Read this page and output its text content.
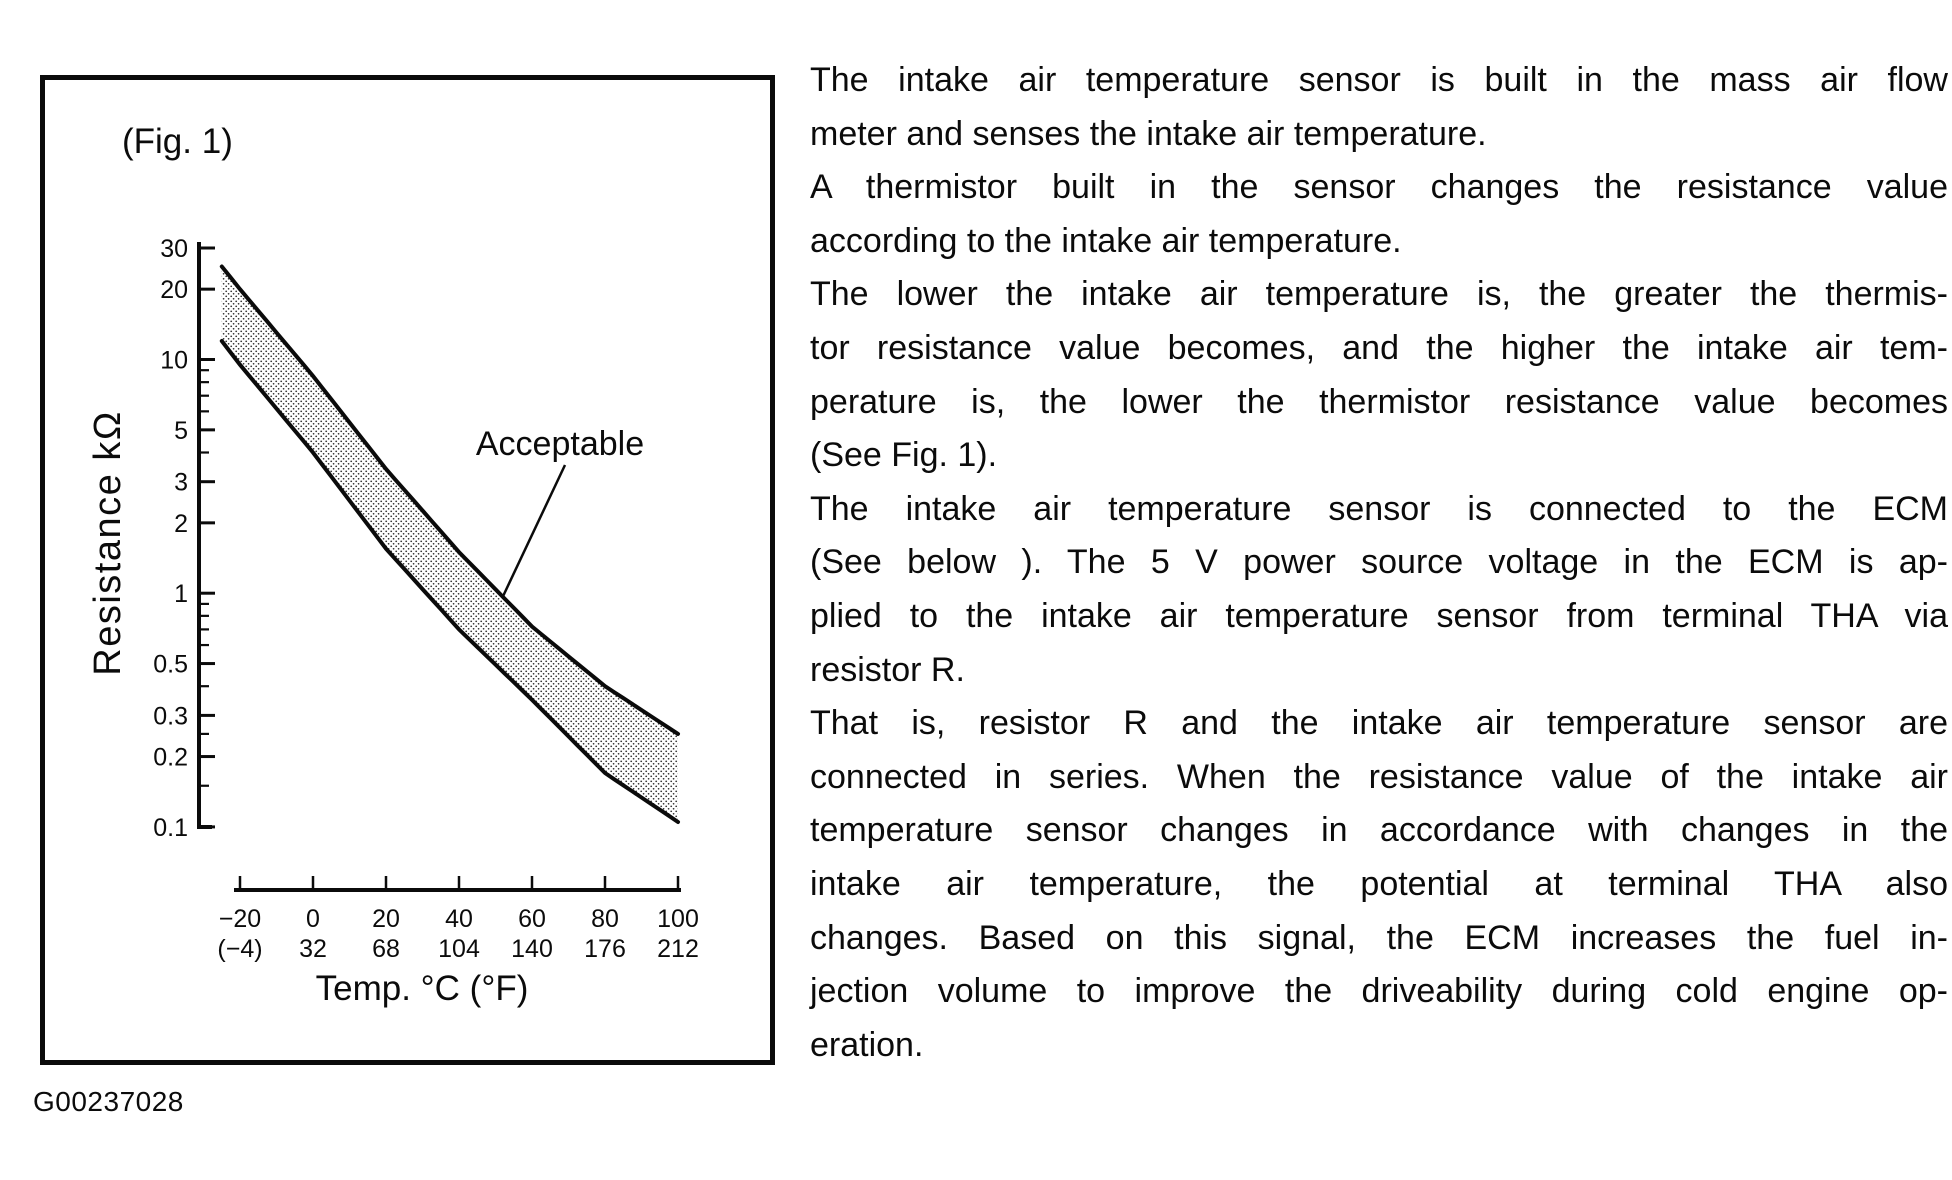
(Fig. 1)
30
20
10
5
3
2
1
0.5
0.3
0.2
0.1
Resistance kΩ
−20
(−4)
0
32
20
68
40
104
60
140
80
176
100
212
Temp. °C (°F)
Acceptable
G00237028
The intake air temperature sensor is built in the mass air flow
meter and senses the intake air temperature.
A thermistor built in the sensor changes the resistance value
according to the intake air temperature.
The lower the intake air temperature is, the greater the thermis-
tor resistance value becomes, and the higher the intake air tem-
perature is, the lower the thermistor resistance value becomes
(See Fig. 1).
The intake air temperature sensor is connected to the ECM
(See below ). The 5 V power source voltage in the ECM is ap-
plied to the intake air temperature sensor from terminal THA via
resistor R.
That is, resistor R and the intake air temperature sensor are
connected in series. When the resistance value of the intake air
temperature sensor changes in accordance with changes in the
intake air temperature, the potential at terminal THA also
changes. Based on this signal, the ECM increases the fuel in-
jection volume to improve the driveability during cold engine op-
eration.
